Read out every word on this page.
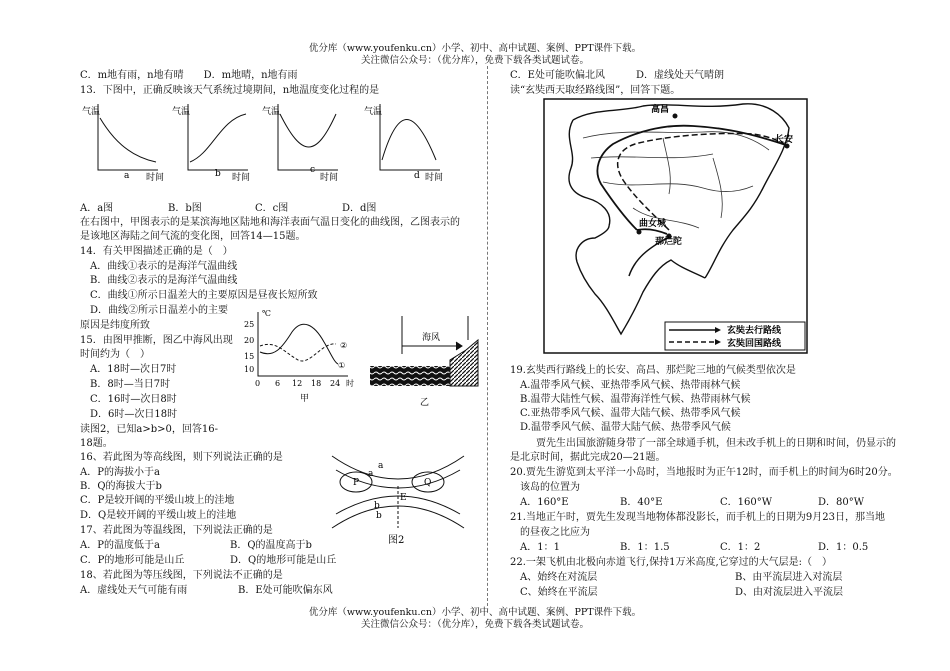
优分库（www.youfenku.cn）小学、初中、高中试题、案例、PPT课件下载。
关注微信公众号：（优分库），免费下载各类试题试卷。
C．m地有雨，n地有晴　　D．m地晴，n地有雨
13．下图中，正确反映该天气系统过境期间，n地温度变化过程的是
气温	气温	气温	气温
a	b	c
d
时间	时间	时间	时间
A．a图	B．b图	C．c图	D．d图
在右图中，甲图表示的是某滨海地区陆地和海洋表面气温日变化的曲线图，乙图表示的
是该地区海陆之间气流的变化图，回答14—15题。
14．有关甲图描述正确的是（　）
A．曲线①表示的是海洋气温曲线
B．曲线②表示的是海洋气温曲线
C．曲线①所示日温差大的主要原因是昼夜长短所致
D．曲线②所示日温差小的主要
原因是纬度所致
15．由图甲推断，图乙中海风出现
时间约为（　）
A．18时—次日7时
B．8时—当日7时
C．16时—次日8时
D．6时—次日18时
℃
25
20
15
10
0 6 12 18 24 时
①
②
甲
海风
乙
读图2，已知a>b>0，回答16-
18题。
16、若此图为等高线图，则下列说法正确的是
A．P的海拔小于a
B．Q的海拔大于b
C．P是较开阔的平缓山坡上的洼地
D．Q是较开阔的平缓山坡上的洼地
17、若此图为等温线图，下列说法正确的是
A．P的温度低于a	B．Q的温度高于b
C．P的地形可能是山丘	D．Q的地形可能是山丘
18、若此图为等压线图，下列说法不正确的是
A．虚线处天气可能有雨	B．E处可能吹偏东风
a
a
P
E
Q
b
b
图2
C．E处可能吹偏北风	D．虚线处天气晴朗
读“玄奘西天取经路线图”，回答下题。
高昌
长安
曲女城
那烂陀
玄奘去行路线
玄奘回国路线
19.玄奘西行路线上的长安、高昌、那烂陀三地的气候类型依次是
A.温带季风气候、亚热带季风气候、热带雨林气候
B.温带大陆性气候、温带海洋性气候、热带雨林气候
C.亚热带季风气候、温带大陆气候、热带季风气候
D.温带季风气候、温带大陆气候、热带季风气候
贾先生出国旅游随身带了一部全球通手机，但未改手机上的日期和时间，仍显示的
是北京时间，据此完成20—21题。
20.贾先生游览到太平洋一小岛时，当地报时为正午12时，而手机上的时间为6时20分。
该岛的位置为
A．160°E	B．40°E	C．160°W	D．80°W
21.当地正午时，贾先生发现当地物体都没影长，而手机上的日期为9月23日，那当地
的昼夜之比应为
A．1：1	B．1：1.5	C．1：2	D．1：0.5
22.一架飞机由北极向赤道飞行,保持1万米高度,它穿过的大气层是:（　）
A、始终在对流层	B、由平流层进入对流层
C、始终在平流层	D、由对流层进入平流层
优分库（www.youfenku.cn）小学、初中、高中试题、案例、PPT课件下载。
关注微信公众号：（优分库），免费下载各类试题试卷。
